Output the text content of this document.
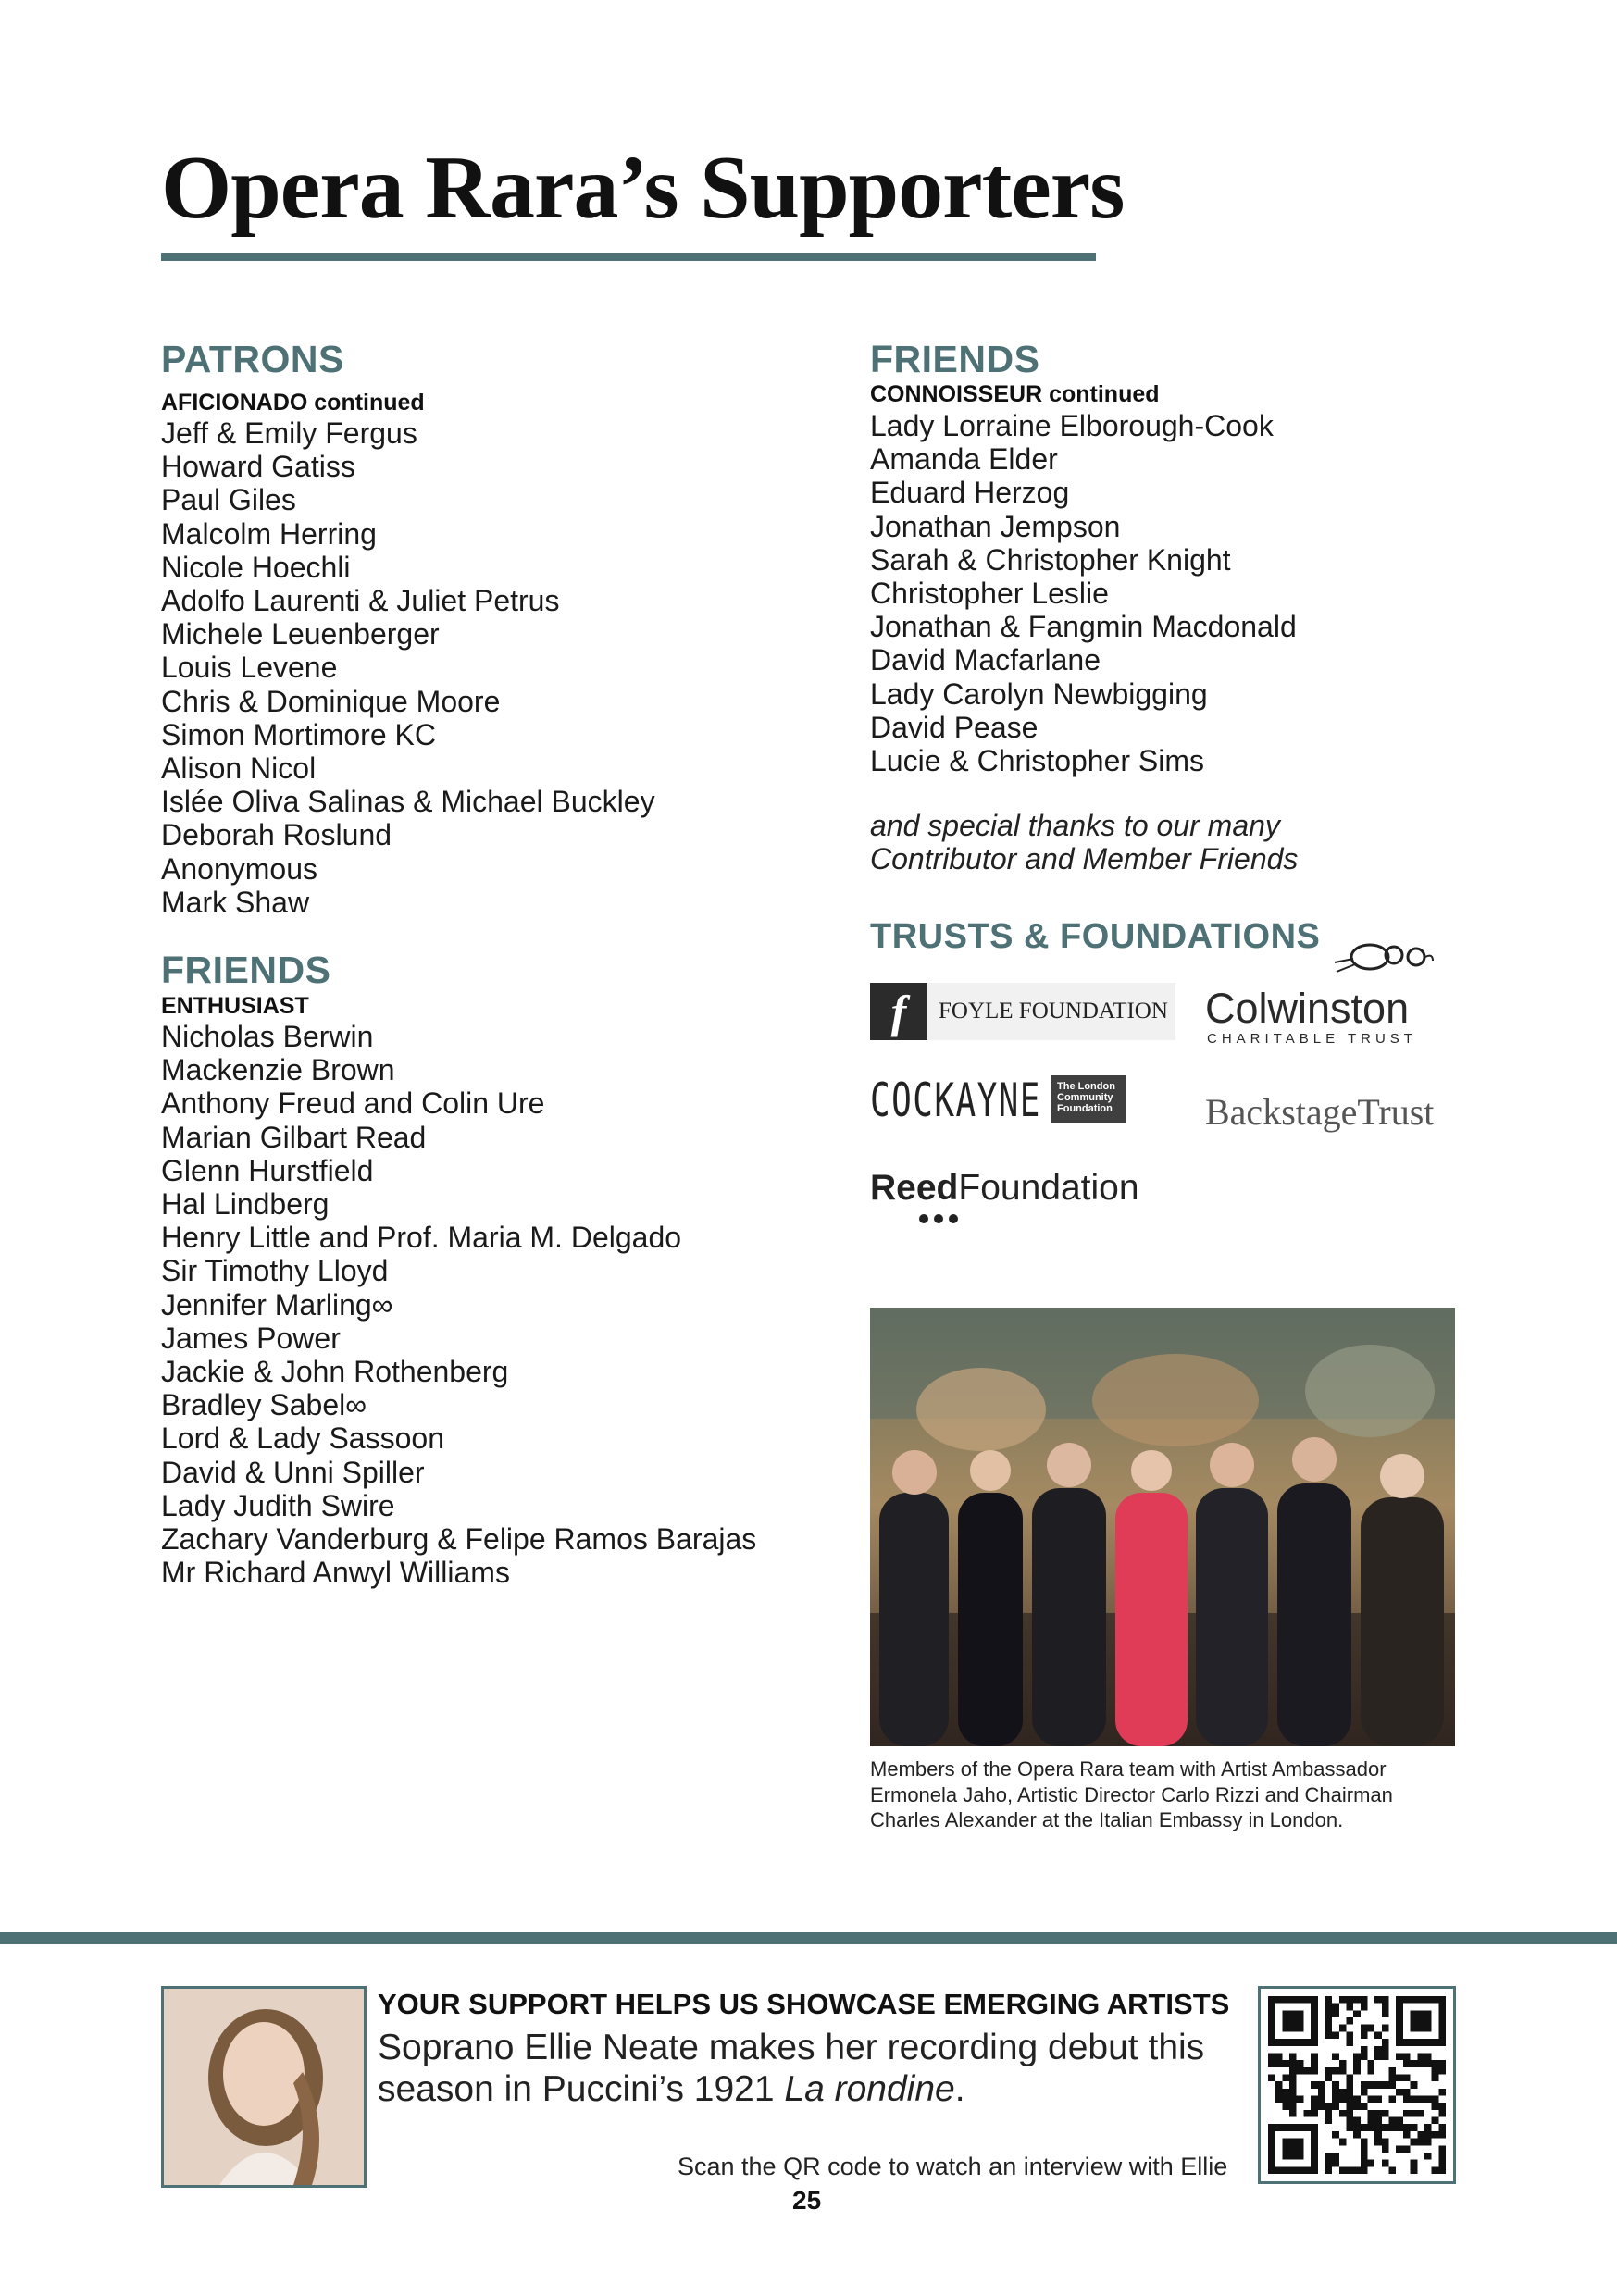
Opera Rara’s Supporters
PATRONS
AFICIONADO continued
Jeff & Emily Fergus
Howard Gatiss
Paul Giles
Malcolm Herring
Nicole Hoechli
Adolfo Laurenti & Juliet Petrus
Michele Leuenberger
Louis Levene
Chris & Dominique Moore
Simon Mortimore KC
Alison Nicol
Islée Oliva Salinas & Michael Buckley
Deborah Roslund
Anonymous
Mark Shaw
FRIENDS
ENTHUSIAST
Nicholas Berwin
Mackenzie Brown
Anthony Freud and Colin Ure
Marian Gilbart Read
Glenn Hurstfield
Hal Lindberg
Henry Little and Prof. Maria M. Delgado
Sir Timothy Lloyd
Jennifer Marling∞
James Power
Jackie & John Rothenberg
Bradley Sabel∞
Lord & Lady Sassoon
David & Unni Spiller
Lady Judith Swire
Zachary Vanderburg & Felipe Ramos Barajas
Mr Richard Anwyl Williams
FRIENDS
CONNOISSEUR continued
Lady Lorraine Elborough-Cook
Amanda Elder
Eduard Herzog
Jonathan Jempson
Sarah & Christopher Knight
Christopher Leslie
Jonathan & Fangmin Macdonald
David Macfarlane
Lady Carolyn Newbigging
David Pease
Lucie & Christopher Sims
and special thanks to our many
Contributor and Member Friends
TRUSTS & FOUNDATIONS
f	FOYLE FOUNDATION Colwinston
CHARITABLE TRUST
COCKAYNE	The London Community Foundation	BackstageTrust
ReedFoundation
Members of the Opera Rara team with Artist Ambassador Ermonela Jaho, Artistic Director Carlo Rizzi and Chairman Charles Alexander at the Italian Embassy in London.
YOUR SUPPORT HELPS US SHOWCASE EMERGING ARTISTS
Soprano Ellie Neate makes her recording debut this season in Puccini’s 1921 La rondine.
Scan the QR code to watch an interview with Ellie
25
